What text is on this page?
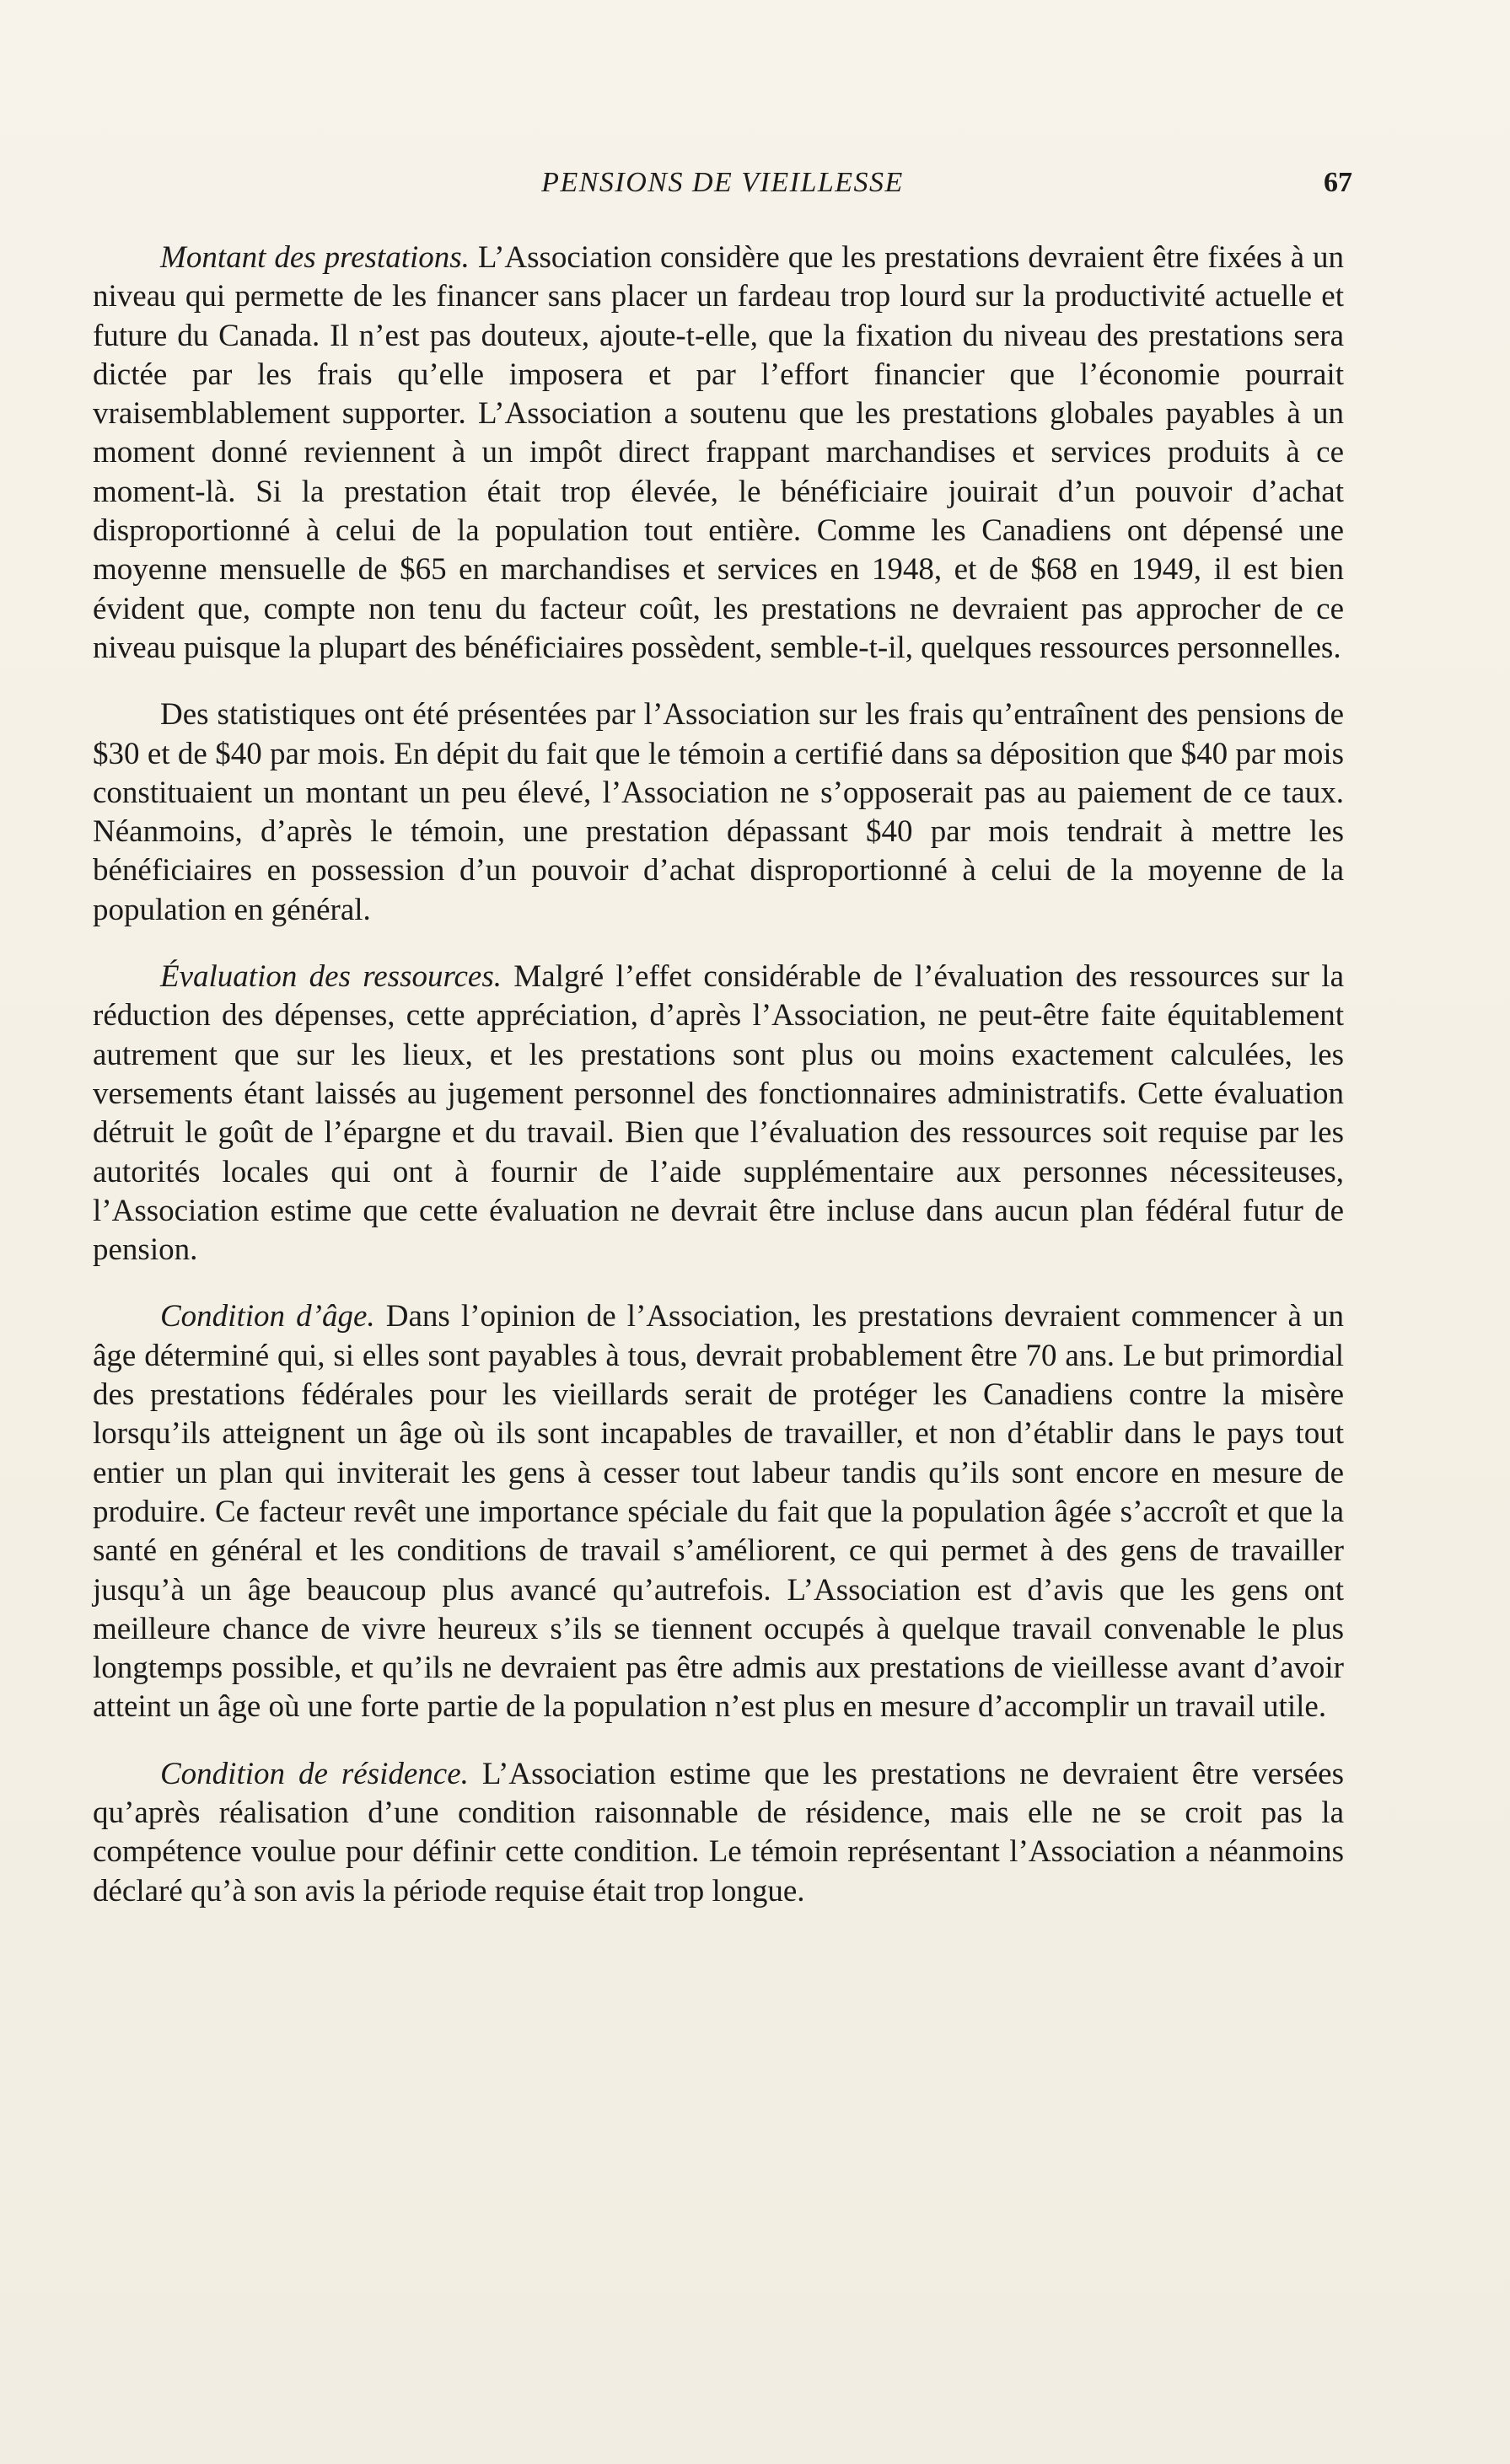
PENSIONS DE VIEILLESSE	67

Montant des prestations. L’Association considère que les prestations devraient être fixées à un niveau qui permette de les financer sans placer un fardeau trop lourd sur la productivité actuelle et future du Canada. Il n’est pas douteux, ajoute-t-elle, que la fixation du niveau des prestations sera dictée par les frais qu’elle imposera et par l’effort financier que l’économie pourrait vraisemblablement supporter. L’Association a soutenu que les prestations globales payables à un moment donné reviennent à un impôt direct frappant marchandises et services produits à ce moment-là. Si la prestation était trop élevée, le bénéficiaire jouirait d’un pouvoir d’achat disproportionné à celui de la population tout entière. Comme les Canadiens ont dépensé une moyenne mensuelle de $65 en marchandises et services en 1948, et de $68 en 1949, il est bien évident que, compte non tenu du facteur coût, les prestations ne devraient pas approcher de ce niveau puisque la plupart des bénéficiaires possèdent, semble-t-il, quelques ressources personnelles.

Des statistiques ont été présentées par l’Association sur les frais qu’entraînent des pensions de $30 et de $40 par mois. En dépit du fait que le témoin a certifié dans sa déposition que $40 par mois constituaient un montant un peu élevé, l’Association ne s’opposerait pas au paiement de ce taux. Néanmoins, d’après le témoin, une prestation dépassant $40 par mois tendrait à mettre les bénéficiaires en possession d’un pouvoir d’achat disproportionné à celui de la moyenne de la population en général.

Évaluation des ressources. Malgré l’effet considérable de l’évaluation des ressources sur la réduction des dépenses, cette appréciation, d’après l’Association, ne peut-être faite équitablement autrement que sur les lieux, et les prestations sont plus ou moins exactement calculées, les versements étant laissés au jugement personnel des fonctionnaires administratifs. Cette évaluation détruit le goût de l’épargne et du travail. Bien que l’évaluation des ressources soit requise par les autorités locales qui ont à fournir de l’aide supplémentaire aux personnes nécessiteuses, l’Association estime que cette évaluation ne devrait être incluse dans aucun plan fédéral futur de pension.

Condition d’âge. Dans l’opinion de l’Association, les prestations devraient commencer à un âge déterminé qui, si elles sont payables à tous, devrait probablement être 70 ans. Le but primordial des prestations fédérales pour les vieillards serait de protéger les Canadiens contre la misère lorsqu’ils atteignent un âge où ils sont incapables de travailler, et non d’établir dans le pays tout entier un plan qui inviterait les gens à cesser tout labeur tandis qu’ils sont encore en mesure de produire. Ce facteur revêt une importance spéciale du fait que la population âgée s’accroît et que la santé en général et les conditions de travail s’améliorent, ce qui permet à des gens de travailler jusqu’à un âge beaucoup plus avancé qu’autrefois. L’Association est d’avis que les gens ont meilleure chance de vivre heureux s’ils se tiennent occupés à quelque travail convenable le plus longtemps possible, et qu’ils ne devraient pas être admis aux prestations de vieillesse avant d’avoir atteint un âge où une forte partie de la population n’est plus en mesure d’accomplir un travail utile.

Condition de résidence. L’Association estime que les prestations ne devraient être versées qu’après réalisation d’une condition raisonnable de résidence, mais elle ne se croit pas la compétence voulue pour définir cette condition. Le témoin représentant l’Association a néanmoins déclaré qu’à son avis la période requise était trop longue.
